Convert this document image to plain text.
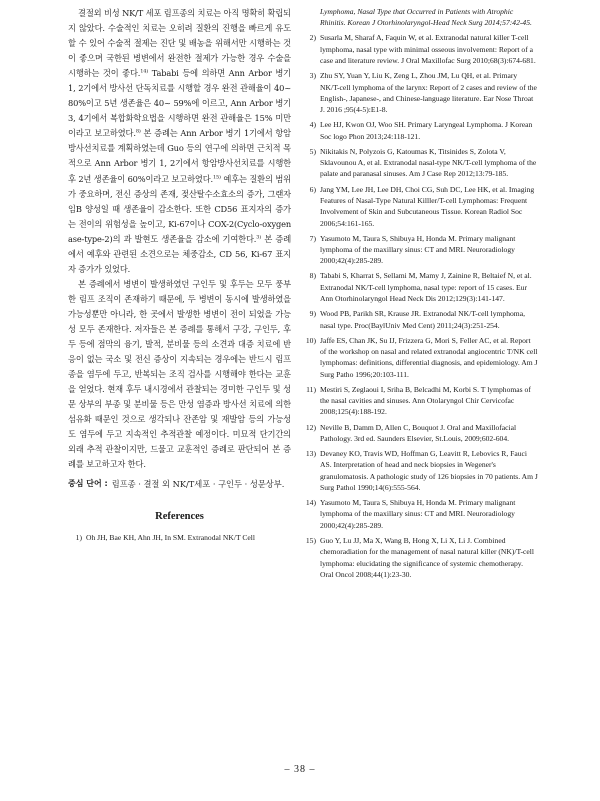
결절외 비성 NK/T 세포 림프종의 치료는 아직 명확히 확립되지 않았다. 수술적인 치료는 오히려 질환의 진행을 빠르게 유도할 수 있어 수술적 절제는 진단 및 배농을 위해서만 시행하는 것이 좋으며 국한된 병변에서 완전한 절제가 가능한 경우 수술을 시행하는 것이 좋다.$^{14)}$ Tababi 등에 의하면 Ann Arbor 병기 1, 2기에서 방사선 단독치료를 시행할 경우 완전 관해율이 40~80%이고 5년 생존율은 40~ 59%에 이르고, Ann Arbor 병기 3, 4기에서 복합화학요법을 시행하면 완전 관해율은 15% 미만이라고 보고하였다.$^{8)}$ 본 증례는 Ann Arbor 병기 1기에서 항암방사선치료를 계획하였는데 Guo 등의 연구에 의하면 근치적 목적으로 Ann Arbor 병기 1, 2기에서 항암방사선치료를 시행한 후 2년 생존율이 60%이라고 보고하였다.$^{15)}$ 예후는 질환의 범위가 중요하며, 전신 증상의 존재, 젖산탈수소효소의 증가, 그랜자임B 양성일 때 생존율이 감소한다. 또한 CD56 표지자의 증가는 전이의 위험성을 높이고, Ki-67이나 COX-2(Cyclo-oxygenase-type-2)의 과 발현도 생존율을 감소에 기여한다.$^{3)}$ 본 증례에서 예후와 관련된 소견으로는 체중감소, CD 56, Ki-67 표지자 증가가 있었다.

본 증례에서 병변이 발생하였던 구인두 및 후두는 모두 풍부한 림프 조직이 존재하기 때문에, 두 병변이 동시에 발생하였을 가능성뿐만 아니라, 한 곳에서 발생한 병변이 전이 되었을 가능성 모두 존재한다. 저자들은 본 증례를 통해서 구강, 구인두, 후두 등에 점막의 융기, 발적, 분비물 등의 소견과 대증 치료에 반응이 없는 국소 및 전신 증상이 지속되는 경우에는 반드시 림프종을 염두에 두고, 반복되는 조직 검사를 시행해야 한다는 교훈을 얻었다. 현재 후두 내시경에서 관찰되는 경미한 구인두 및 성문 상부의 부종 및 분비물 등은 만성 염증과 방사선 치료에 의한 섬유화 때문인 것으로 생각되나 잔존암 및 재발암 등의 가능성도 염두에 두고 지속적인 추적관찰 예정이다. 미묘적 단기간의 외래 추적 관찰이지만, 드물고 교훈적인 증례로 판단되어 본 증례를 보고하고자 한다.

중심 단어 : 림프종 · 결절 외 NK/T세포 · 구인두 · 성문상부.
References
1) Oh JH, Bae KH, Ahn JH, In SM. Extranodal NK/T Cell
Lymphoma, Nasal Type that Occurred in Patients with Atrophic Rhinitis. Korean J Otorhinolaryngol-Head Neck Surg 2014;57:42-45.
2) Susarla M, Sharaf A, Faquin W, et al. Extranodal natural killer T-cell lymphoma, nasal type with minimal osseous involvement: Report of a case and literature review. J Oral Maxillofac Surg 2010;68(3):674-681.
3) Zhu SY, Yuan Y, Liu K, Zeng L, Zhou JM, Lu QH, et al. Primary NK/T-cell lymphoma of the larynx: Report of 2 cases and review of the English-, Japanese-, and Chinese-language literature. Ear Nose Throat J. 2016 ;95(4-5):E1-8.
4) Lee HJ, Kwon OJ, Woo SH. Primary Laryngeal Lymphoma. J Korean Soc logo Phon 2013;24:118-121.
5) Nikitakis N, Polyzois G, Katoumas K, Titsinides S, Zolota V, Sklavounou A, et al. Extranodal nasal-type NK/T-cell lymphoma of the palate and paranasal sinuses. Am J Case Rep 2012;13:79-185.
6) Jang YM, Lee JH, Lee DH, Choi CG, Suh DC, Lee HK, et al. Imaging Features of Nasal-Type Natural Killler/T-cell Lymphomas: Frequent Involvement of Skin and Subcutaneous Tissue. Korean Radiol Soc 2006;54:161-165.
7) Yasumoto M, Taura S, Shibuya H, Honda M. Primary malignant lymphoma of the maxillary sinus: CT and MRI. Neuroradiology 2000;42(4):285-289.
8) Tababi S, Kharrat S, Sellami M, Mamy J, Zainine R, Beltaief N, et al. Extranodal NK/T-cell lymphoma, nasal type: report of 15 cases. Eur Ann Otorhinolaryngol Head Neck Dis 2012;129(3):141-147.
9) Wood PB, Parikh SR, Krause JR. Extranodal NK/T-cell lymphoma, nasal type. Proc(BaylUniv Med Cent) 2011;24(3):251-254.
10) Jaffe ES, Chan JK, Su IJ, Frizzera G, Mori S, Feller AC, et al. Report of the workshop on nasal and related extranodal angiocentric T/NK cell lymphomas: definitions, differential diagnosis, and epidemiology. Am J Surg Patho 1996;20:103-111.
11) Mestiri S, Zeglaoui I, Sriha B, Belcadhi M, Korbi S. T lymphomas of the nasal cavities and sinuses. Ann Otolaryngol Chir Cervicofac 2008;125(4):188-192.
12) Neville B, Damm D, Allen C, Bouquot J. Oral and Maxillofacial Pathology. 3rd ed. Saunders Elsevier, St.Louis, 2009;602-604.
13) Devaney KO, Travis WD, Hoffman G, Leavitt R, Lebovics R, Fauci AS. Interpretation of head and neck biopsies in Wegener's granulomatosis. A pathologic study of 126 biopsies in 70 patients. Am J Surg Pathol 1990;14(6):555-564.
14) Yasumoto M, Taura S, Shibuya H, Honda M. Primary malignant lymphoma of the maxillary sinus: CT and MRI. Neuroradiology 2000;42(4):285-289.
15) Guo Y, Lu JJ, Ma X, Wang B, Hong X, Li X, Li J. Combined chemoradiation for the management of nasal natural killer (NK)/T-cell lymphoma: elucidating the significance of systemic chemotherapy. Oral Oncol 2008;44(1):23-30.
– 38 –
